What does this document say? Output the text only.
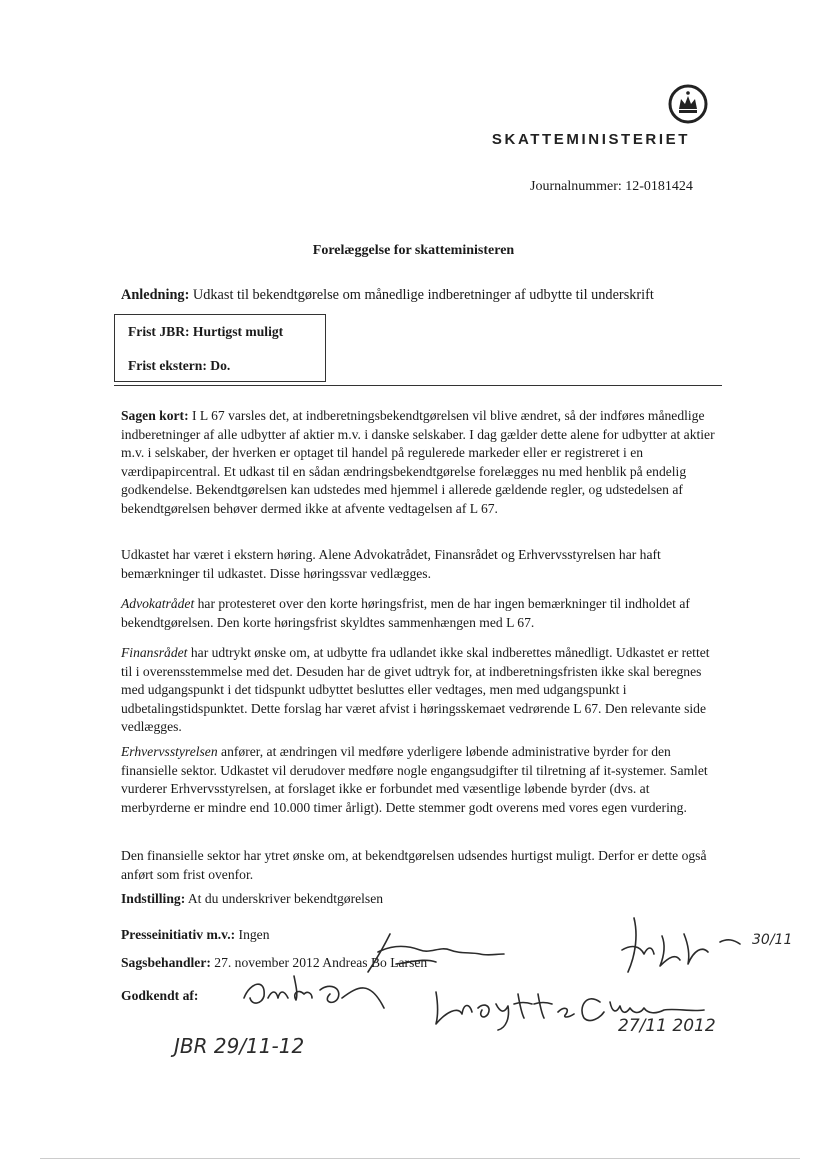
SKATTEMINISTERIET
Journalnummer: 12-0181424
Forelæggelse for skatteministeren
Anledning: Udkast til bekendtgørelse om månedlige indberetninger af udbytte til underskrift
Frist JBR: Hurtigst muligt
Frist ekstern: Do.

Sagen kort: I L 67 varsles det, at indberetningsbekendtgørelsen vil blive ændret, så der indføres månedlige indberetninger af alle udbytter af aktier m.v. i danske selskaber. I dag gælder dette alene for udbytter at aktier m.v. i selskaber, der hverken er optaget til handel på regulerede markeder eller er registreret i en værdipapircentral. Et udkast til en sådan ændringsbekendtgørelse forelægges nu med henblik på endelig godkendelse. Bekendtgørelsen kan udstedes med hjemmel i allerede gældende regler, og udstedelsen af bekendtgørelsen behøver dermed ikke at afvente vedtagelsen af L 67.

Udkastet har været i ekstern høring. Alene Advokatrådet, Finansrådet og Erhvervsstyrelsen har haft bemærkninger til udkastet. Disse høringssvar vedlægges.

Advokatrådet har protesteret over den korte høringsfrist, men de har ingen bemærkninger til indholdet af bekendtgørelsen. Den korte høringsfrist skyldtes sammenhængen med L 67.

Finansrådet har udtrykt ønske om, at udbytte fra udlandet ikke skal indberettes månedligt. Udkastet er rettet til i overensstemmelse med det. Desuden har de givet udtryk for, at indberetningsfristen ikke skal beregnes med udgangspunkt i det tidspunkt udbyttet besluttes eller vedtages, men med udgangspunkt i udbetalingstidspunktet. Dette forslag har været afvist i høringsskemaet vedrørende L 67. Den relevante side vedlægges.

Erhvervsstyrelsen anfører, at ændringen vil medføre yderligere løbende administrative byrder for den finansielle sektor. Udkastet vil derudover medføre nogle engangsudgifter til tilretning af it-systemer. Samlet vurderer Erhvervsstyrelsen, at forslaget ikke er forbundet med væsentlige løbende byrder (dvs. at merbyrderne er mindre end 10.000 timer årligt). Dette stemmer godt overens med vores egen vurdering.

Den finansielle sektor har ytret ønske om, at bekendtgørelsen udsendes hurtigst muligt. Derfor er dette også anført som frist ovenfor.

Indstilling: At du underskriver bekendtgørelsen
Presseinitiativ m.v.: Ingen
Sagsbehandler: 27. november 2012 Andreas Bo Larsen
Godkendt af:
JBR 29/11-12
27/11 2012
30/11
